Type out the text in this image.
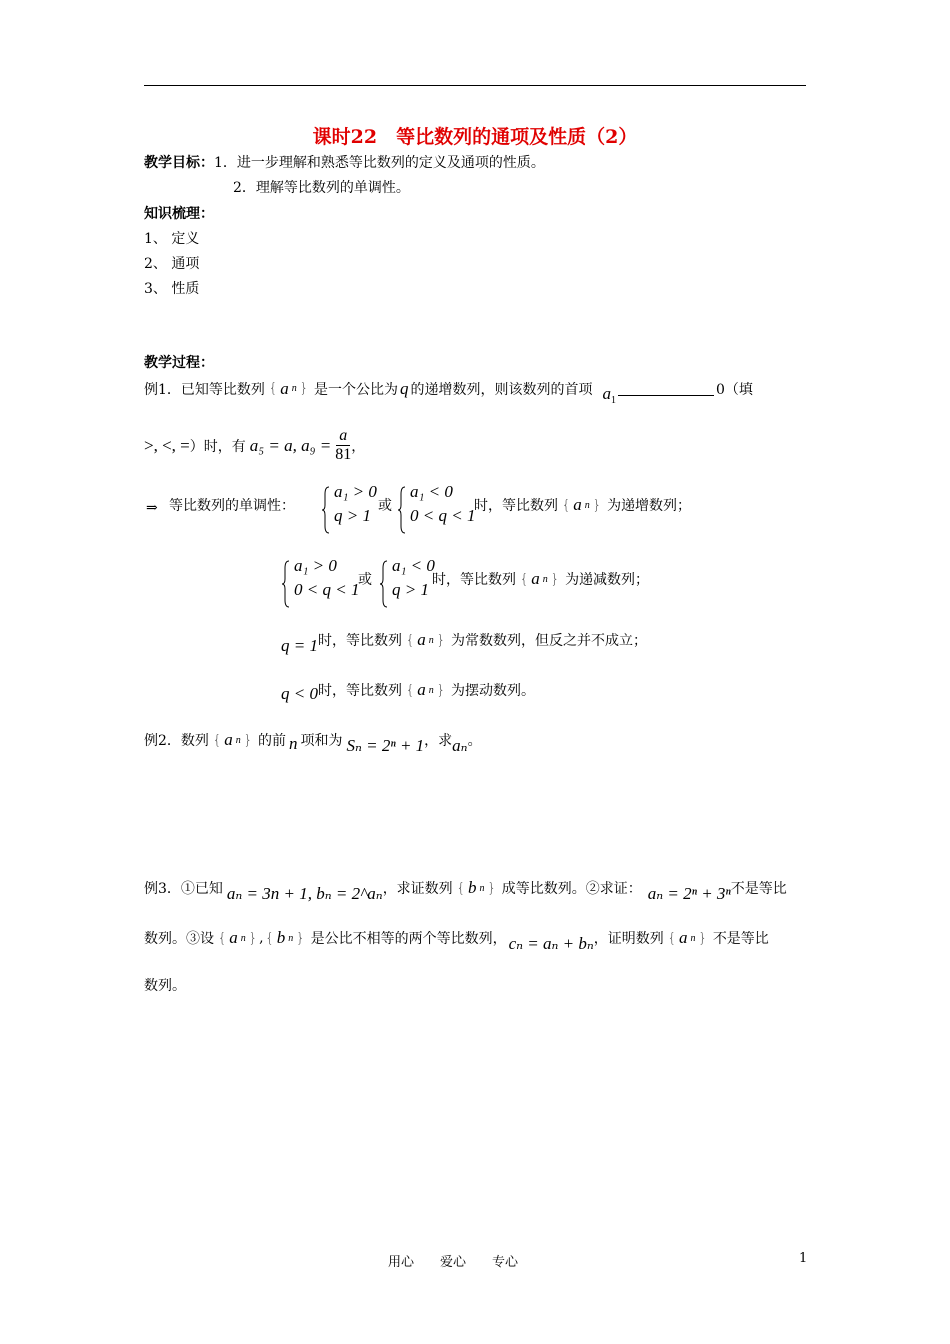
课时22　等比数列的通项及性质（2）
教学目标：1．进一步理解和熟悉等比数列的定义及通项的性质。
2．理解等比数列的单调性。
知识梳理：
1、 定义
2、 通项
3、 性质
教学过程：
例1．已知等比数列 { a n } 是一个公比为 q 的递增数列，则该数列的首项 $a_1$
0（填
>, <, = ）时，有 a₅ = a, $a_9 = \frac{a}{81}$ ，
⇒ 等比数列的单调性：
a₁ > 0
q > 1 或
a₁ < 0
0 < q < 1
时，等比数列 { a n } 为递增数列；
a₁ > 0
0 < q < 1
或
a₁ < 0
q > 1 时，等比数列 { a n } 为递减数列；
q = 1 时，等比数列 { a n } 为常数数列，但反之并不成立；
q < 0 时，等比数列 { a n } 为摆动数列。
例2．数列 { a n } 的前 n 项和为 Sₙ = 2ⁿ + 1 ，求 aₙ 。
例3．①已知 aₙ = 3n + 1, bₙ = 2^aₙ ，求证数列 { b n } 成等比数列。②求证： aₙ = 2ⁿ + 3ⁿ 不是等比
数列。③设 { a n } , { b n } 是公比不相等的两个等比数列， cₙ = aₙ + bₙ ，证明数列 { a n } 不是等比
数列。
用心　　爱心　　专心	1
